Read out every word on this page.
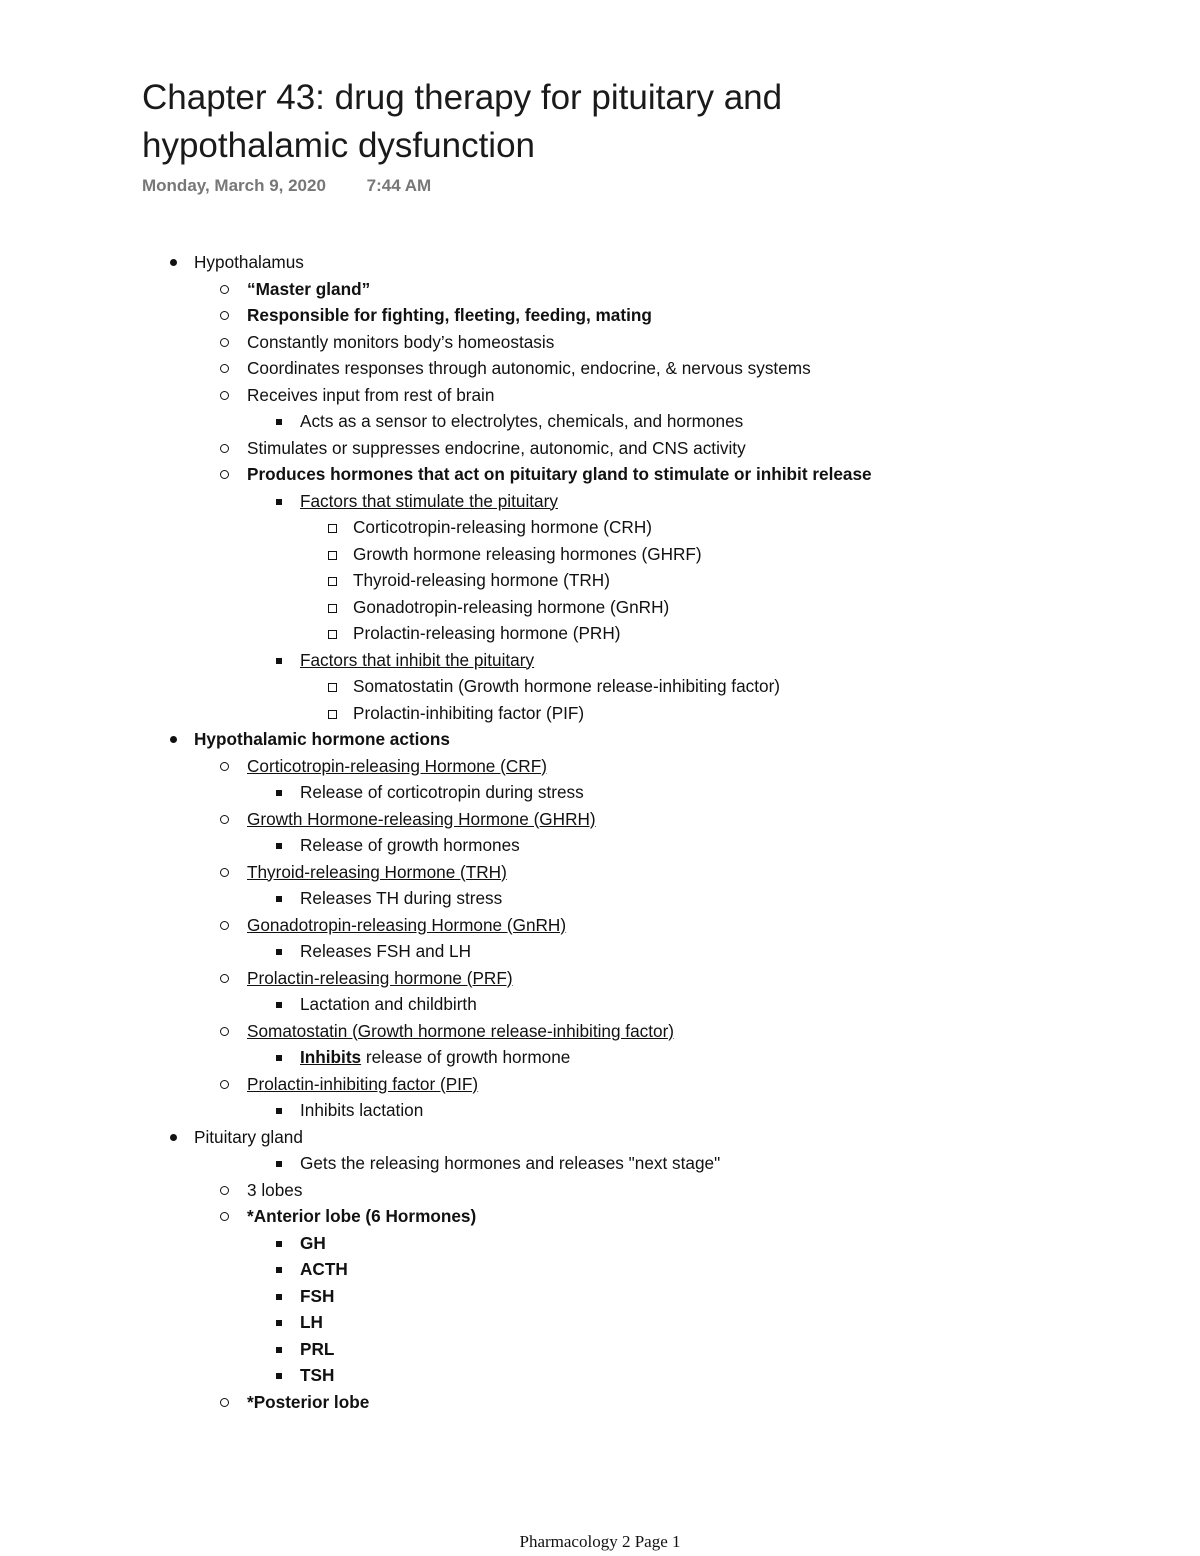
Chapter 43: drug therapy for pituitary and hypothalamic dysfunction
Monday, March 9, 2020 7:44 AM
Hypothalamus
“Master gland”
Responsible for fighting, fleeting, feeding, mating
Constantly monitors body’s homeostasis
Coordinates responses through autonomic, endocrine, & nervous systems
Receives input from rest of brain
Acts as a sensor to electrolytes, chemicals, and hormones
Stimulates or suppresses endocrine, autonomic, and CNS activity
Produces hormones that act on pituitary gland to stimulate or inhibit release
Factors that stimulate the pituitary
Corticotropin-releasing hormone (CRH)
Growth hormone releasing hormones (GHRF)
Thyroid-releasing hormone (TRH)
Gonadotropin-releasing hormone (GnRH)
Prolactin-releasing hormone (PRH)
Factors that inhibit the pituitary
Somatostatin (Growth hormone release-inhibiting factor)
Prolactin-inhibiting factor (PIF)
Hypothalamic hormone actions
Corticotropin-releasing Hormone (CRF)
Release of corticotropin during stress
Growth Hormone-releasing Hormone (GHRH)
Release of growth hormones
Thyroid-releasing Hormone (TRH)
Releases TH during stress
Gonadotropin-releasing Hormone (GnRH)
Releases FSH and LH
Prolactin-releasing hormone (PRF)
Lactation and childbirth
Somatostatin (Growth hormone release-inhibiting factor)
Inhibits release of growth hormone
Prolactin-inhibiting factor (PIF)
Inhibits lactation
Pituitary gland
Gets the releasing hormones and releases "next stage"
3 lobes
*Anterior lobe (6 Hormones)
GH
ACTH
FSH
LH
PRL
TSH
*Posterior lobe
Pharmacology 2 Page 1
